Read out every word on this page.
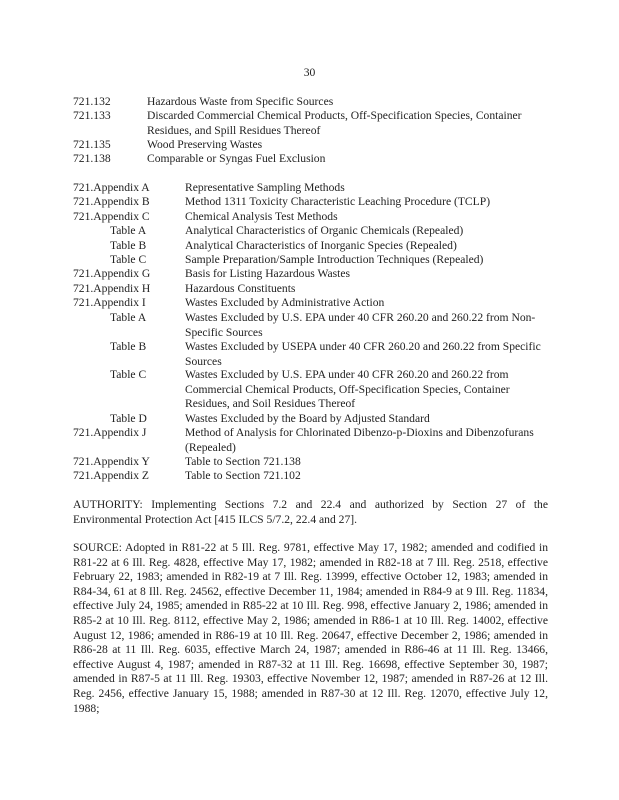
30
721.132	Hazardous Waste from Specific Sources
721.133	Discarded Commercial Chemical Products, Off-Specification Species, Container Residues, and Spill Residues Thereof
721.135	Wood Preserving Wastes
721.138	Comparable or Syngas Fuel Exclusion
721.Appendix A	Representative Sampling Methods
721.Appendix B	Method 1311 Toxicity Characteristic Leaching Procedure (TCLP)
721.Appendix C	Chemical Analysis Test Methods
Table A	Analytical Characteristics of Organic Chemicals (Repealed)
Table B	Analytical Characteristics of Inorganic Species (Repealed)
Table C	Sample Preparation/Sample Introduction Techniques (Repealed)
721.Appendix G	Basis for Listing Hazardous Wastes
721.Appendix H	Hazardous Constituents
721.Appendix I	Wastes Excluded by Administrative Action
Table A	Wastes Excluded by U.S. EPA under 40 CFR 260.20 and 260.22 from Non-Specific Sources
Table B	Wastes Excluded by USEPA under 40 CFR 260.20 and 260.22 from Specific Sources
Table C	Wastes Excluded by U.S. EPA under 40 CFR 260.20 and 260.22 from Commercial Chemical Products, Off-Specification Species, Container Residues, and Soil Residues Thereof
Table D	Wastes Excluded by the Board by Adjusted Standard
721.Appendix J	Method of Analysis for Chlorinated Dibenzo-p-Dioxins and Dibenzofurans (Repealed)
721.Appendix Y	Table to Section 721.138
721.Appendix Z	Table to Section 721.102
AUTHORITY: Implementing Sections 7.2 and 22.4 and authorized by Section 27 of the Environmental Protection Act [415 ILCS 5/7.2, 22.4 and 27].
SOURCE: Adopted in R81-22 at 5 Ill. Reg. 9781, effective May 17, 1982; amended and codified in R81-22 at 6 Ill. Reg. 4828, effective May 17, 1982; amended in R82-18 at 7 Ill. Reg. 2518, effective February 22, 1983; amended in R82-19 at 7 Ill. Reg. 13999, effective October 12, 1983; amended in R84-34, 61 at 8 Ill. Reg. 24562, effective December 11, 1984; amended in R84-9 at 9 Ill. Reg. 11834, effective July 24, 1985; amended in R85-22 at 10 Ill. Reg. 998, effective January 2, 1986; amended in R85-2 at 10 Ill. Reg. 8112, effective May 2, 1986; amended in R86-1 at 10 Ill. Reg. 14002, effective August 12, 1986; amended in R86-19 at 10 Ill. Reg. 20647, effective December 2, 1986; amended in R86-28 at 11 Ill. Reg. 6035, effective March 24, 1987; amended in R86-46 at 11 Ill. Reg. 13466, effective August 4, 1987; amended in R87-32 at 11 Ill. Reg. 16698, effective September 30, 1987; amended in R87-5 at 11 Ill. Reg. 19303, effective November 12, 1987; amended in R87-26 at 12 Ill. Reg. 2456, effective January 15, 1988; amended in R87-30 at 12 Ill. Reg. 12070, effective July 12, 1988;
